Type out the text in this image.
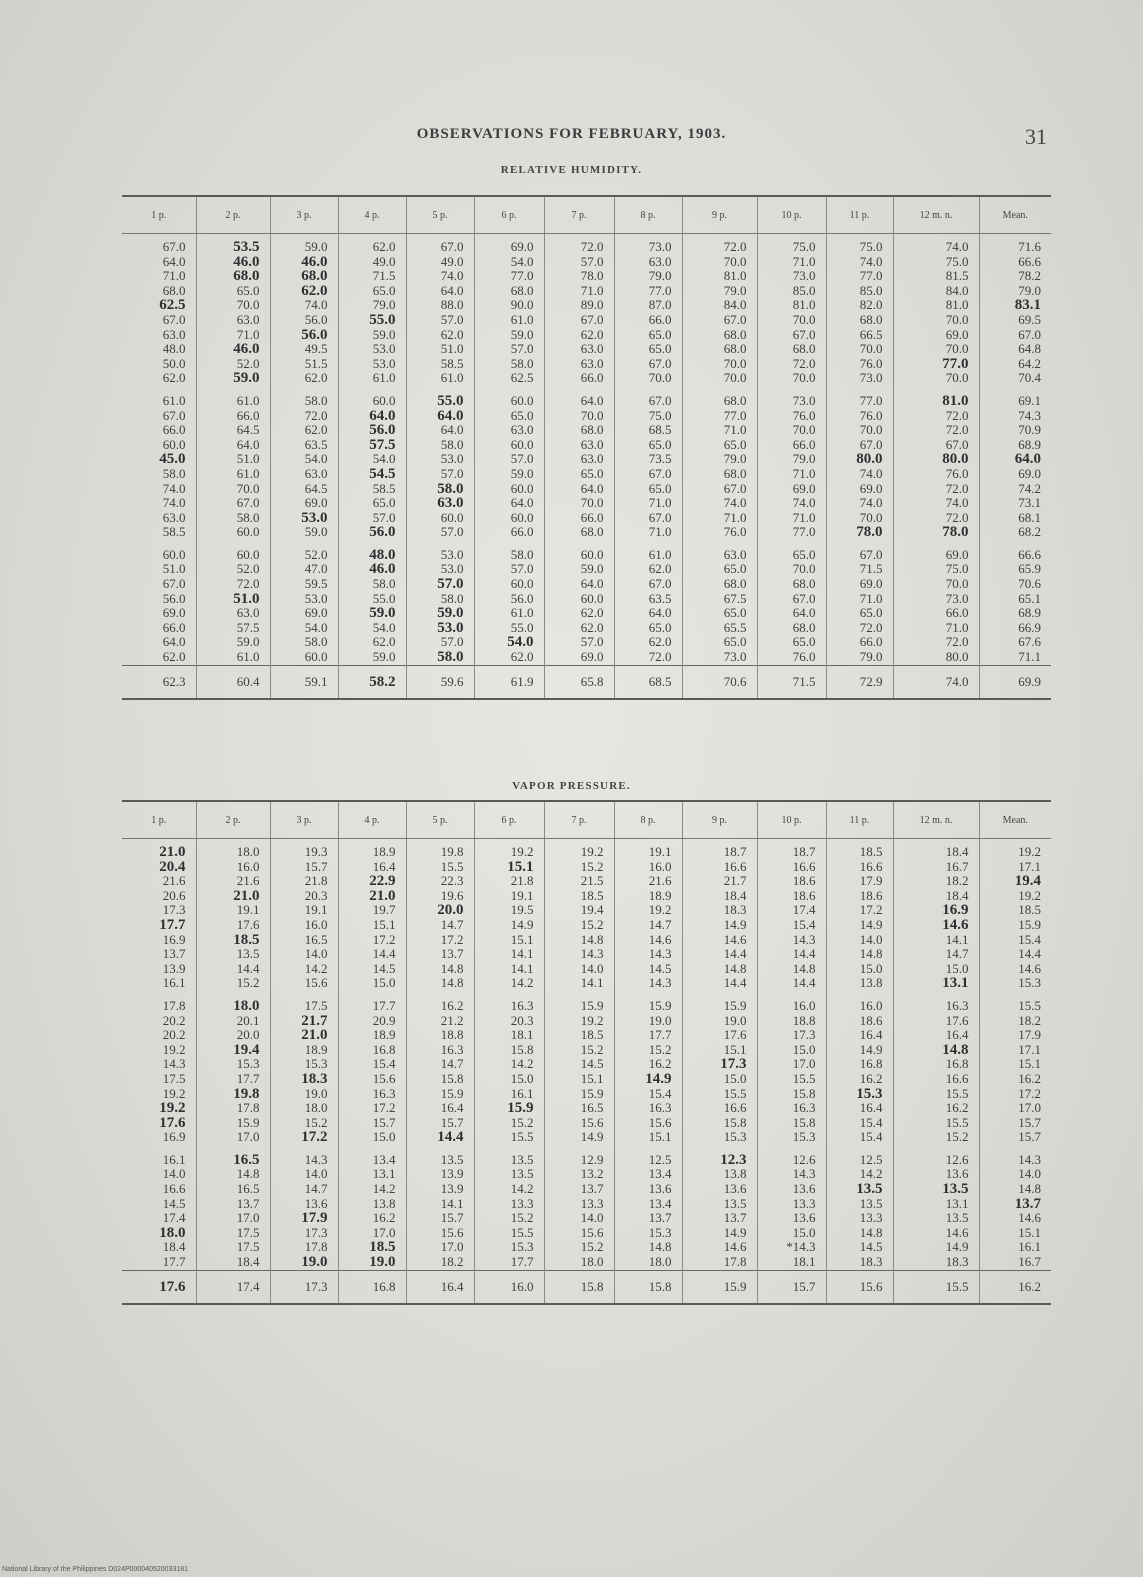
OBSERVATIONS FOR FEBRUARY, 1903.	31
RELATIVE HUMIDITY.
1 p.	2 p.	3 p.	4 p.	5 p.	6 p.	7 p.	8 p.	9 p.	10 p.	11 p.	12 m. n.	Mean.

67.0	53.5	59.0	62.0	67.0	69.0	72.0	73.0	72.0	75.0	75.0	74.0	71.6
64.0	46.0	46.0	49.0	49.0	54.0	57.0	63.0	70.0	71.0	74.0	75.0	66.6
71.0	68.0	68.0	71.5	74.0	77.0	78.0	79.0	81.0	73.0	77.0	81.5	78.2
68.0	65.0	62.0	65.0	64.0	68.0	71.0	77.0	79.0	85.0	85.0	84.0	79.0
62.5	70.0	74.0	79.0	88.0	90.0	89.0	87.0	84.0	81.0	82.0	81.0	83.1
67.0	63.0	56.0	55.0	57.0	61.0	67.0	66.0	67.0	70.0	68.0	70.0	69.5
63.0	71.0	56.0	59.0	62.0	59.0	62.0	65.0	68.0	67.0	66.5	69.0	67.0
48.0	46.0	49.5	53.0	51.0	57.0	63.0	65.0	68.0	68.0	70.0	70.0	64.8
50.0	52.0	51.5	53.0	58.5	58.0	63.0	67.0	70.0	72.0	76.0	77.0	64.2
62.0	59.0	62.0	61.0	61.0	62.5	66.0	70.0	70.0	70.0	73.0	70.0	70.4

61.0	61.0	58.0	60.0	55.0	60.0	64.0	67.0	68.0	73.0	77.0	81.0	69.1
67.0	66.0	72.0	64.0	64.0	65.0	70.0	75.0	77.0	76.0	76.0	72.0	74.3
66.0	64.5	62.0	56.0	64.0	63.0	68.0	68.5	71.0	70.0	70.0	72.0	70.9
60.0	64.0	63.5	57.5	58.0	60.0	63.0	65.0	65.0	66.0	67.0	67.0	68.9
45.0	51.0	54.0	54.0	53.0	57.0	63.0	73.5	79.0	79.0	80.0	80.0	64.0
58.0	61.0	63.0	54.5	57.0	59.0	65.0	67.0	68.0	71.0	74.0	76.0	69.0
74.0	70.0	64.5	58.5	58.0	60.0	64.0	65.0	67.0	69.0	69.0	72.0	74.2
74.0	67.0	69.0	65.0	63.0	64.0	70.0	71.0	74.0	74.0	74.0	74.0	73.1
63.0	58.0	53.0	57.0	60.0	60.0	66.0	67.0	71.0	71.0	70.0	72.0	68.1
58.5	60.0	59.0	56.0	57.0	66.0	68.0	71.0	76.0	77.0	78.0	78.0	68.2

60.0	60.0	52.0	48.0	53.0	58.0	60.0	61.0	63.0	65.0	67.0	69.0	66.6
51.0	52.0	47.0	46.0	53.0	57.0	59.0	62.0	65.0	70.0	71.5	75.0	65.9
67.0	72.0	59.5	58.0	57.0	60.0	64.0	67.0	68.0	68.0	69.0	70.0	70.6
56.0	51.0	53.0	55.0	58.0	56.0	60.0	63.5	67.5	67.0	71.0	73.0	65.1
69.0	63.0	69.0	59.0	59.0	61.0	62.0	64.0	65.0	64.0	65.0	66.0	68.9
66.0	57.5	54.0	54.0	53.0	55.0	62.0	65.0	65.5	68.0	72.0	71.0	66.9
64.0	59.0	58.0	62.0	57.0	54.0	57.0	62.0	65.0	65.0	66.0	72.0	67.6
62.0	61.0	60.0	59.0	58.0	62.0	69.0	72.0	73.0	76.0	79.0	80.0	71.1
62.3	60.4	59.1	58.2	59.6	61.9	65.8	68.5	70.6	71.5	72.9	74.0	69.9
VAPOR PRESSURE.
1 p.	2 p.	3 p.	4 p.	5 p.	6 p.	7 p.	8 p.	9 p.	10 p.	11 p.	12 m. n.	Mean.

21.0	18.0	19.3	18.9	19.8	19.2	19.2	19.1	18.7	18.7	18.5	18.4	19.2
20.4	16.0	15.7	16.4	15.5	15.1	15.2	16.0	16.6	16.6	16.6	16.7	17.1
21.6	21.6	21.8	22.9	22.3	21.8	21.5	21.6	21.7	18.6	17.9	18.2	19.4
20.6	21.0	20.3	21.0	19.6	19.1	18.5	18.9	18.4	18.6	18.6	18.4	19.2
17.3	19.1	19.1	19.7	20.0	19.5	19.4	19.2	18.3	17.4	17.2	16.9	18.5
17.7	17.6	16.0	15.1	14.7	14.9	15.2	14.7	14.9	15.4	14.9	14.6	15.9
16.9	18.5	16.5	17.2	17.2	15.1	14.8	14.6	14.6	14.3	14.0	14.1	15.4
13.7	13.5	14.0	14.4	13.7	14.1	14.3	14.3	14.4	14.4	14.8	14.7	14.4
13.9	14.4	14.2	14.5	14.8	14.1	14.0	14.5	14.8	14.8	15.0	15.0	14.6
16.1	15.2	15.6	15.0	14.8	14.2	14.1	14.3	14.4	14.4	13.8	13.1	15.3

17.8	18.0	17.5	17.7	16.2	16.3	15.9	15.9	15.9	16.0	16.0	16.3	15.5
20.2	20.1	21.7	20.9	21.2	20.3	19.2	19.0	19.0	18.8	18.6	17.6	18.2
20.2	20.0	21.0	18.9	18.8	18.1	18.5	17.7	17.6	17.3	16.4	16.4	17.9
19.2	19.4	18.9	16.8	16.3	15.8	15.2	15.2	15.1	15.0	14.9	14.8	17.1
14.3	15.3	15.3	15.4	14.7	14.2	14.5	16.2	17.3	17.0	16.8	16.8	15.1
17.5	17.7	18.3	15.6	15.8	15.0	15.1	14.9	15.0	15.5	16.2	16.6	16.2
19.2	19.8	19.0	16.3	15.9	16.1	15.9	15.4	15.5	15.8	15.3	15.5	17.2
19.2	17.8	18.0	17.2	16.4	15.9	16.5	16.3	16.6	16.3	16.4	16.2	17.0
17.6	15.9	15.2	15.7	15.7	15.2	15.6	15.6	15.8	15.8	15.4	15.5	15.7
16.9	17.0	17.2	15.0	14.4	15.5	14.9	15.1	15.3	15.3	15.4	15.2	15.7

16.1	16.5	14.3	13.4	13.5	13.5	12.9	12.5	12.3	12.6	12.5	12.6	14.3
14.0	14.8	14.0	13.1	13.9	13.5	13.2	13.4	13.8	14.3	14.2	13.6	14.0
16.6	16.5	14.7	14.2	13.9	14.2	13.7	13.6	13.6	13.6	13.5	13.5	14.8
14.5	13.7	13.6	13.8	14.1	13.3	13.3	13.4	13.5	13.3	13.5	13.1	13.7
17.4	17.0	17.9	16.2	15.7	15.2	14.0	13.7	13.7	13.6	13.3	13.5	14.6
18.0	17.5	17.3	17.0	15.6	15.5	15.6	15.3	14.9	15.0	14.8	14.6	15.1
18.4	17.5	17.8	18.5	17.0	15.3	15.2	14.8	14.6	*14.3	14.5	14.9	16.1
17.7	18.4	19.0	19.0	18.2	17.7	18.0	18.0	17.8	18.1	18.3	18.3	16.7
17.6	17.4	17.3	16.8	16.4	16.0	15.8	15.8	15.9	15.7	15.6	15.5	16.2
National Library of the Philippines D024P000040520033181
